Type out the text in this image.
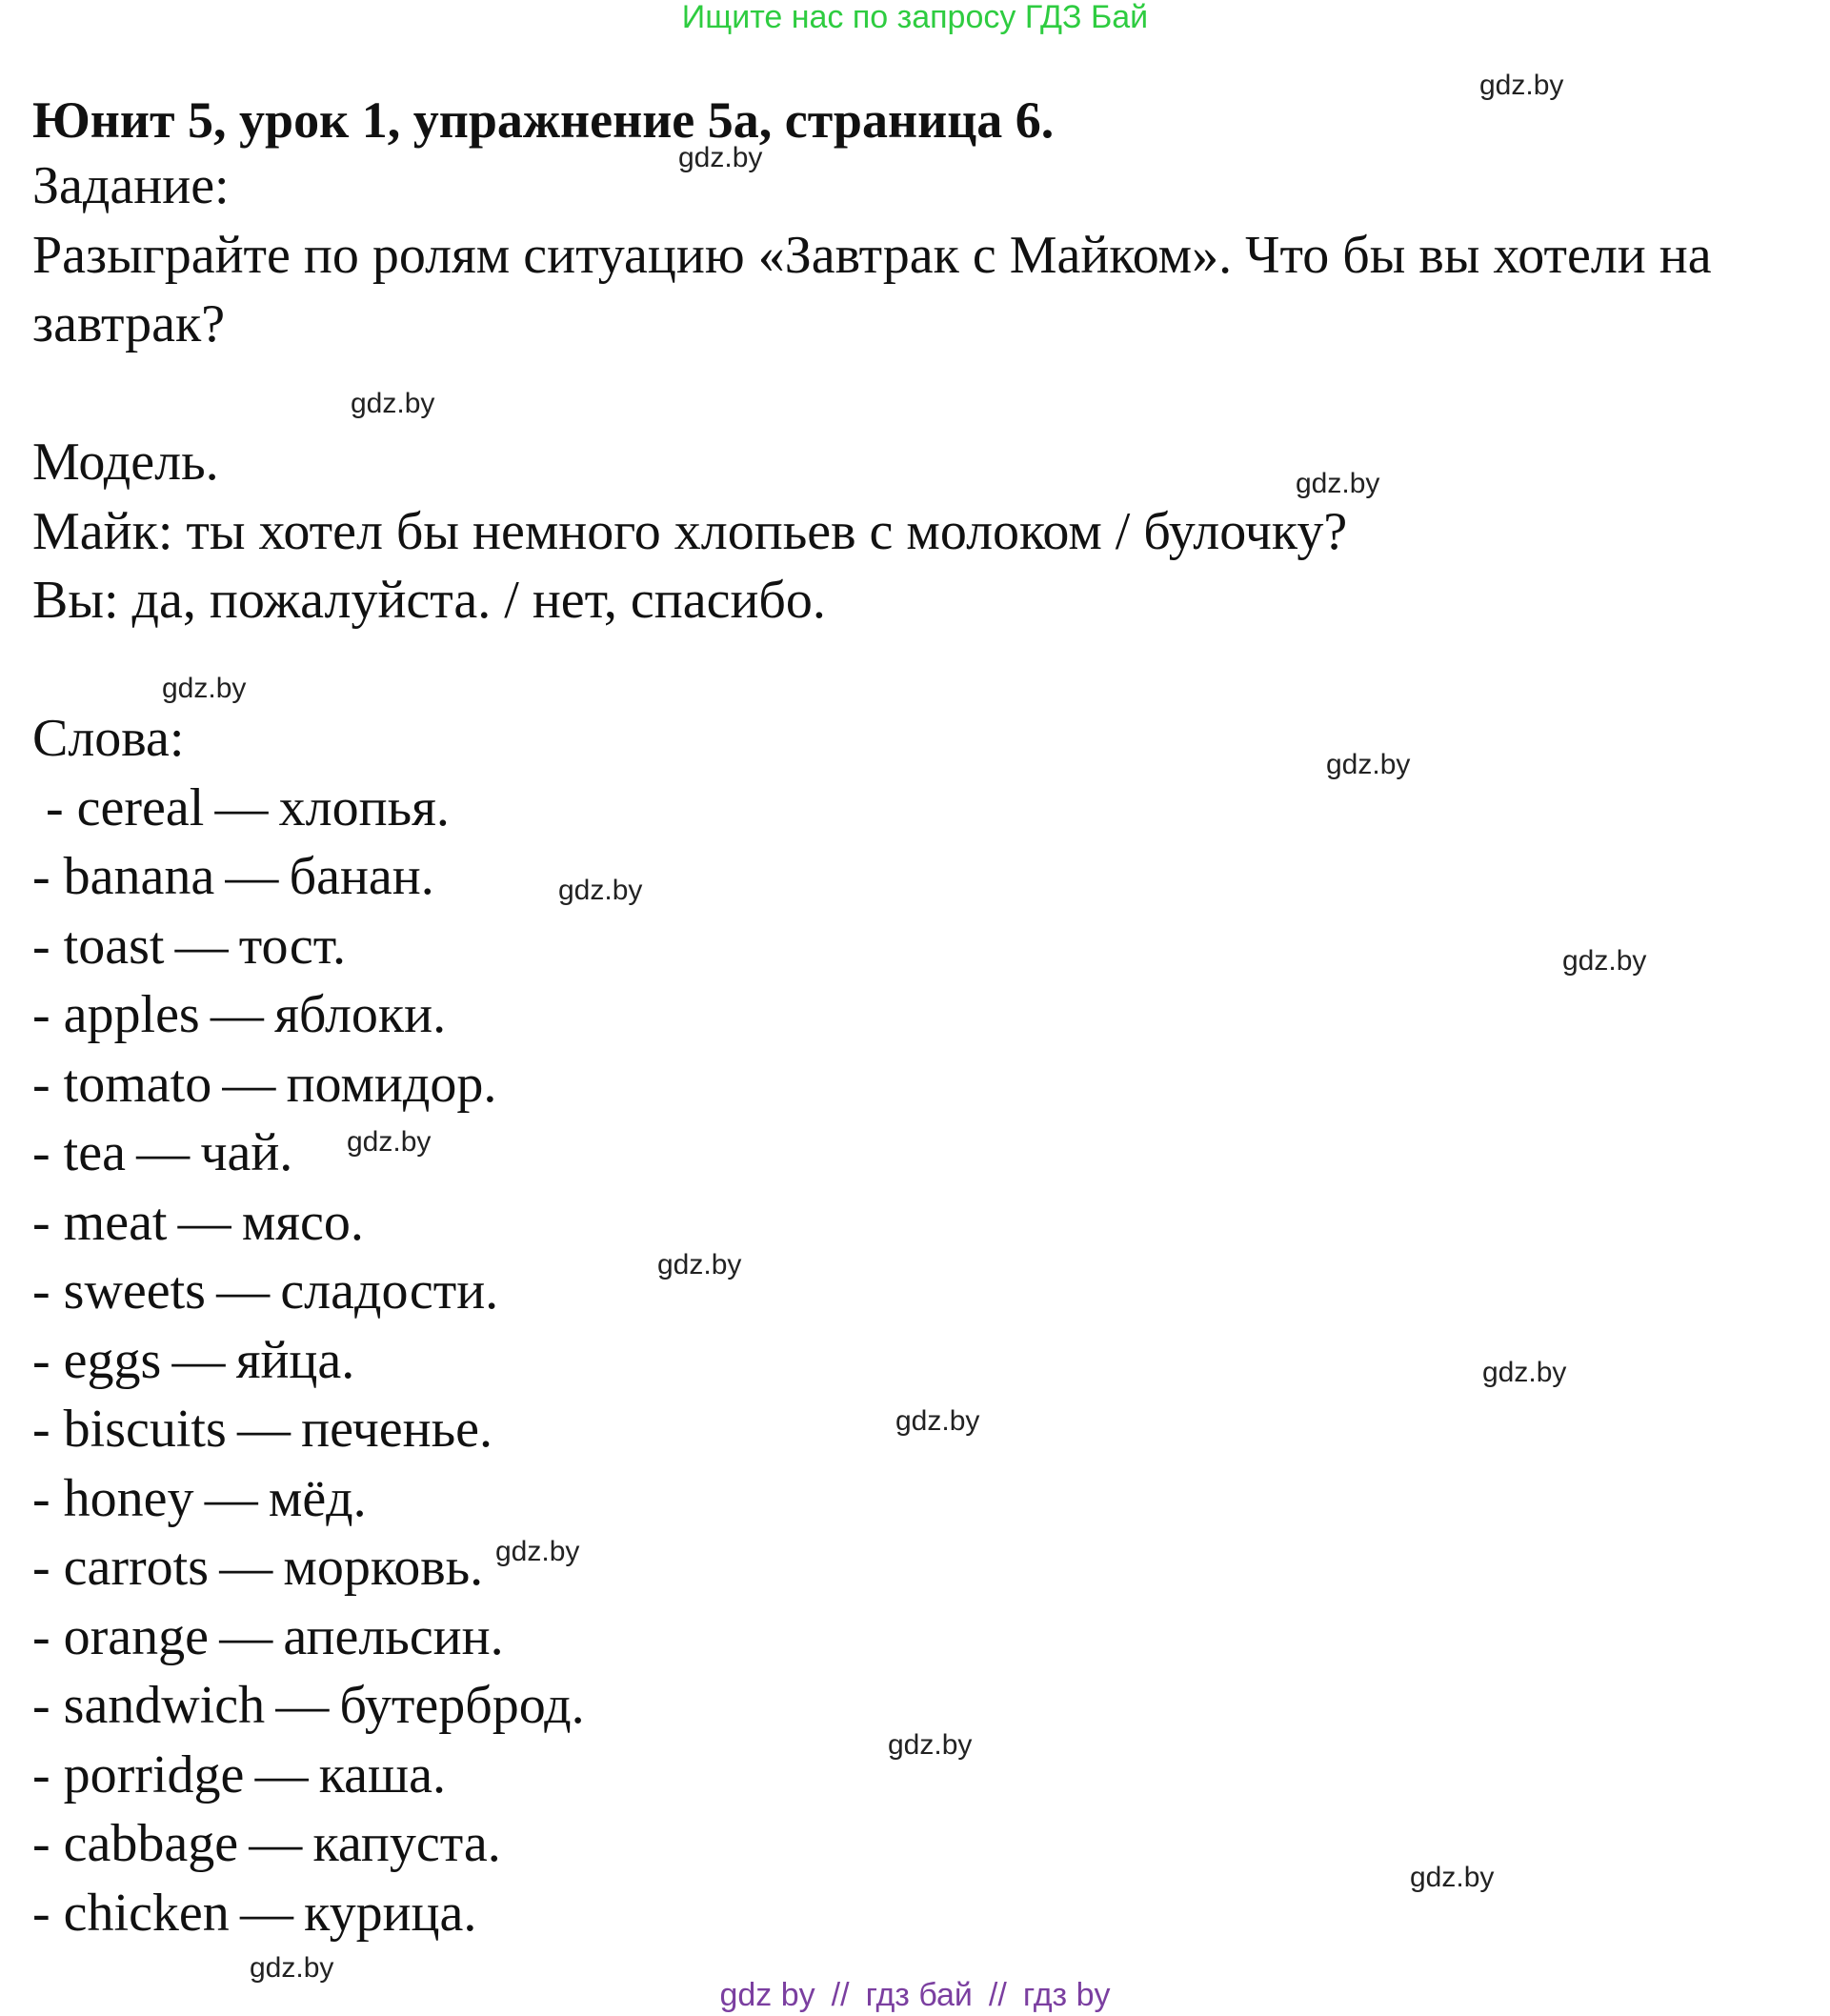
Ищите нас по запросу ГДЗ Бай
Юнит 5, урок 1, упражнение 5а, страница 6.
Задание:
Разыграйте по ролям ситуацию «Завтрак с Майком». Что бы вы хотели на завтрак?
Модель.
Майк: ты хотел бы немного хлопьев с молоком / булочку?
Вы: да, пожалуйста. / нет, спасибо.
Слова:
- cereal — хлопья.
- banana — банан.
- toast — тост.
- apples — яблоки.
- tomato — помидор.
- tea — чай.
- meat — мясо.
- sweets — сладости.
- eggs — яйца.
- biscuits — печенье.
- honey — мёд.
- carrots — морковь.
- orange — апельсин.
- sandwich — бутерброд.
- porridge — каша.
- cabbage — капуста.
- chicken — курица.
gdz.by
gdz.by
gdz.by
gdz.by
gdz.by
gdz.by
gdz.by
gdz.by
gdz.by
gdz.by
gdz.by
gdz.by
gdz.by
gdz.by
gdz.by
gdz.by
gdz by // гдз бай // гдз by
